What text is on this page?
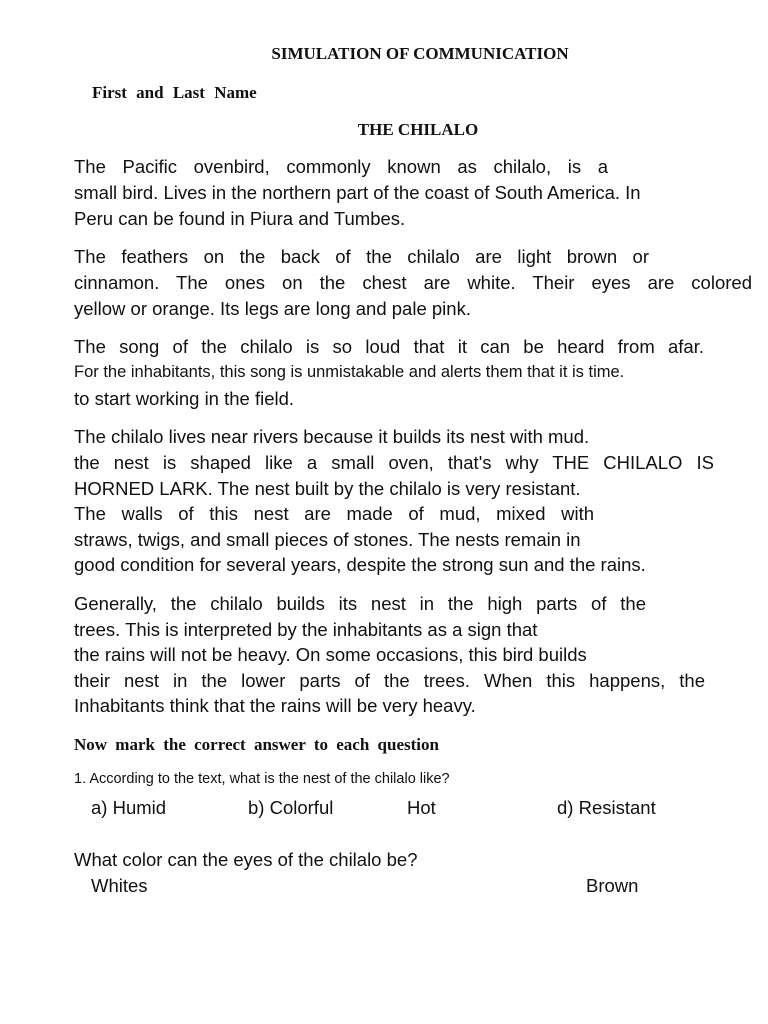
SIMULATION OF COMMUNICATION
First and Last Name
THE CHILALO
The Pacific ovenbird, commonly known as chilalo, is a
small bird. Lives in the northern part of the coast of South America. In
Peru can be found in Piura and Tumbes.
The feathers on the back of the chilalo are light brown or
cinnamon. The ones on the chest are white. Their eyes are colored
yellow or orange. Its legs are long and pale pink.
The song of the chilalo is so loud that it can be heard from afar.
For the inhabitants, this song is unmistakable and alerts them that it is time.
to start working in the field.
The chilalo lives near rivers because it builds its nest with mud.
the nest is shaped like a small oven, that's why THE CHILALO IS
HORNED LARK. The nest built by the chilalo is very resistant.
The walls of this nest are made of mud, mixed with
straws, twigs, and small pieces of stones. The nests remain in
good condition for several years, despite the strong sun and the rains.
Generally, the chilalo builds its nest in the high parts of the
trees. This is interpreted by the inhabitants as a sign that
the rains will not be heavy. On some occasions, this bird builds
their nest in the lower parts of the trees. When this happens, the
Inhabitants think that the rains will be very heavy.
Now mark the correct answer to each question
1. According to the text, what is the nest of the chilalo like?
a) Humid	b) Colorful	Hot	d) Resistant
What color can the eyes of the chilalo be?
Whites	Brown
